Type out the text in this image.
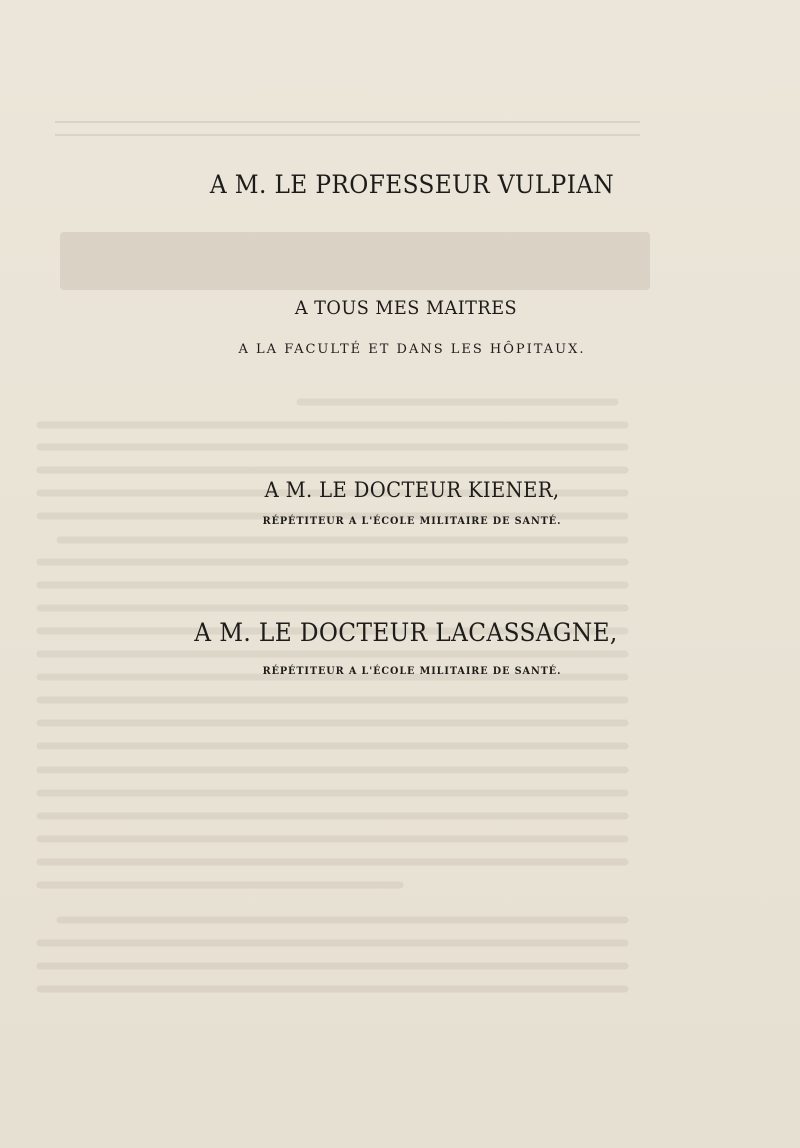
A M. LE PROFESSEUR VULPIAN

A TOUS MES MAITRES

A LA FACULTÉ ET DANS LES HÔPITAUX.

A M. LE DOCTEUR KIENER,

RÉPÉTITEUR A L'ÉCOLE MILITAIRE DE SANTÉ.

A M. LE DOCTEUR LACASSAGNE,

RÉPÉTITEUR A L'ÉCOLE MILITAIRE DE SANTÉ.
